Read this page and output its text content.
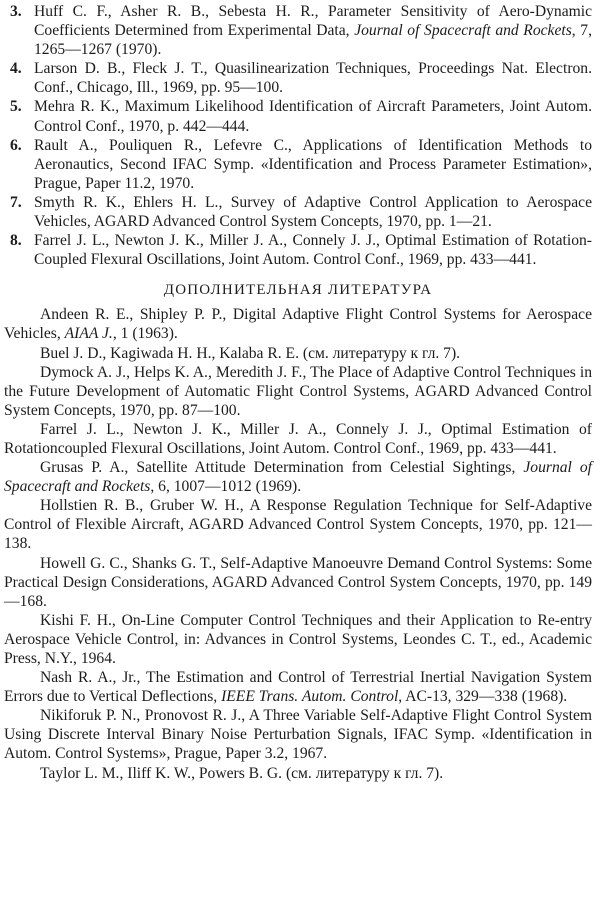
3. Huff C. F., Asher R. B., Sebesta H. R., Parameter Sensitivity of Aero-Dynamic Coefficients Determined from Experimental Data, Journal of Spacecraft and Rockets, 7, 1265—1267 (1970).

4. Larson D. B., Fleck J. T., Quasilinearization Techniques, Proceedings Nat. Electron. Conf., Chicago, Ill., 1969, pp. 95—100.

5. Mehra R. K., Maximum Likelihood Identification of Aircraft Parameters, Joint Autom. Control Conf., 1970, p. 442—444.

6. Rault A., Pouliquen R., Lefevre C., Applications of Identification Methods to Aeronautics, Second IFAC Symp. «Identification and Process Parameter Estimation», Prague, Paper 11.2, 1970.

7. Smyth R. K., Ehlers H. L., Survey of Adaptive Control Application to Aerospace Vehicles, AGARD Advanced Control System Concepts, 1970, pp. 1—21.

8. Farrel J. L., Newton J. K., Miller J. A., Connely J. J., Optimal Estimation of Rotation-Coupled Flexural Oscillations, Joint Autom. Control Conf., 1969, pp. 433—441.

ДОПОЛНИТЕЛЬНАЯ ЛИТЕРАТУРА

Andeen R. E., Shipley P. P., Digital Adaptive Flight Control Systems for Aerospace Vehicles, AIAA J., 1 (1963).

Buel J. D., Kagiwada H. H., Kalaba R. E. (см. литературу к гл. 7).

Dymock A. J., Helps K. A., Meredith J. F., The Place of Adaptive Control Techniques in the Future Development of Automatic Flight Control Systems, AGARD Advanced Control System Concepts, 1970, pp. 87—100.

Farrel J. L., Newton J. K., Miller J. A., Connely J. J., Optimal Estimation of Rotationcoupled Flexural Oscillations, Joint Autom. Control Conf., 1969, pp. 433—441.

Grusas P. A., Satellite Attitude Determination from Celestial Sightings, Journal of Spacecraft and Rockets, 6, 1007—1012 (1969).

Hollstien R. B., Gruber W. H., A Response Regulation Technique for Self-Adaptive Control of Flexible Aircraft, AGARD Advanced Control System Concepts, 1970, pp. 121—138.

Howell G. C., Shanks G. T., Self-Adaptive Manoeuvre Demand Control Systems: Some Practical Design Considerations, AGARD Advanced Control System Concepts, 1970, pp. 149—168.

Kishi F. H., On-Line Computer Control Techniques and their Application to Re-entry Aerospace Vehicle Control, in: Advances in Control Systems, Leondes C. T., ed., Academic Press, N.Y., 1964.

Nash R. A., Jr., The Estimation and Control of Terrestrial Inertial Navigation System Errors due to Vertical Deflections, IEEE Trans. Autom. Control, AC-13, 329—338 (1968).

Nikiforuk P. N., Pronovost R. J., A Three Variable Self-Adaptive Flight Control System Using Discrete Interval Binary Noise Perturbation Signals, IFAC Symp. «Identification in Autom. Control Systems», Prague, Paper 3.2, 1967.

Taylor L. M., Iliff K. W., Powers B. G. (см. литературу к гл. 7).
